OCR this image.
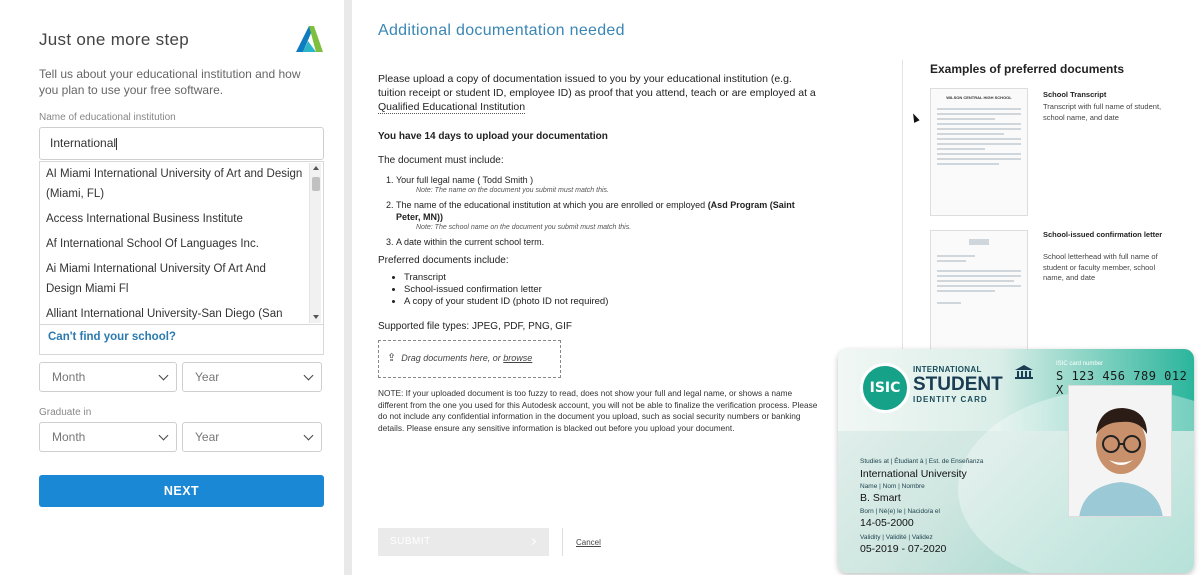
Just one more step

Tell us about your educational institution and how you plan to use your free software.

Name of educational institution
International
AI Miami International University of Art and Design (Miami, FL)
Access International Business Institute
Af International School Of Languages Inc.
Ai Miami International University Of Art And Design Miami Fl
Alliant International University-San Diego (San
Can't find your school?
Month	Year
Graduate in
Month	Year
NEXT
Additional documentation needed

Please upload a copy of documentation issued to you by your educational institution (e.g. tuition receipt or student ID, employee ID) as proof that you attend, teach or are employed at a Qualified Educational Institution

You have 14 days to upload your documentation

The document must include:

1. Your full legal name ( Todd Smith )
Note: The name on the document you submit must match this.
2. The name of the educational institution at which you are enrolled or employed (Asd Program (Saint Peter, MN))
Note: The school name on the document you submit must match this.
3. A date within the current school term.

Preferred documents include:

• Transcript
• School-issued confirmation letter
• A copy of your student ID (photo ID not required)

Supported file types: JPEG, PDF, PNG, GIF

⇪ Drag documents here, or browse

NOTE: If your uploaded document is too fuzzy to read, does not show your full and legal name, or shows a name different from the one you used for this Autodesk account, you will not be able to finalize the verification process. Please do not include any confidential information in the document you upload, such as social security numbers or banking details. Please ensure any sensitive information is blacked out before you upload your document.

SUBMIT	Cancel
Examples of preferred documents
WILSON CENTRAL HIGH SCHOOL	School Transcript
Transcript with full name of student, school name, and date
School-issued confirmation letter
School letterhead with full name of student or faculty member, school name, and date
ISIC
INTERNATIONAL
STUDENT
IDENTITY CARD
ISIC card number
S 123 456 789 012 X
Studies at | Étudiant à | Est. de Enseñanza
International University
Name | Nom | Nombre
B. Smart
Born | Né(e) le | Nacido/a el
14-05-2000
Validity | Validité | Validez
05-2019 - 07-2020
